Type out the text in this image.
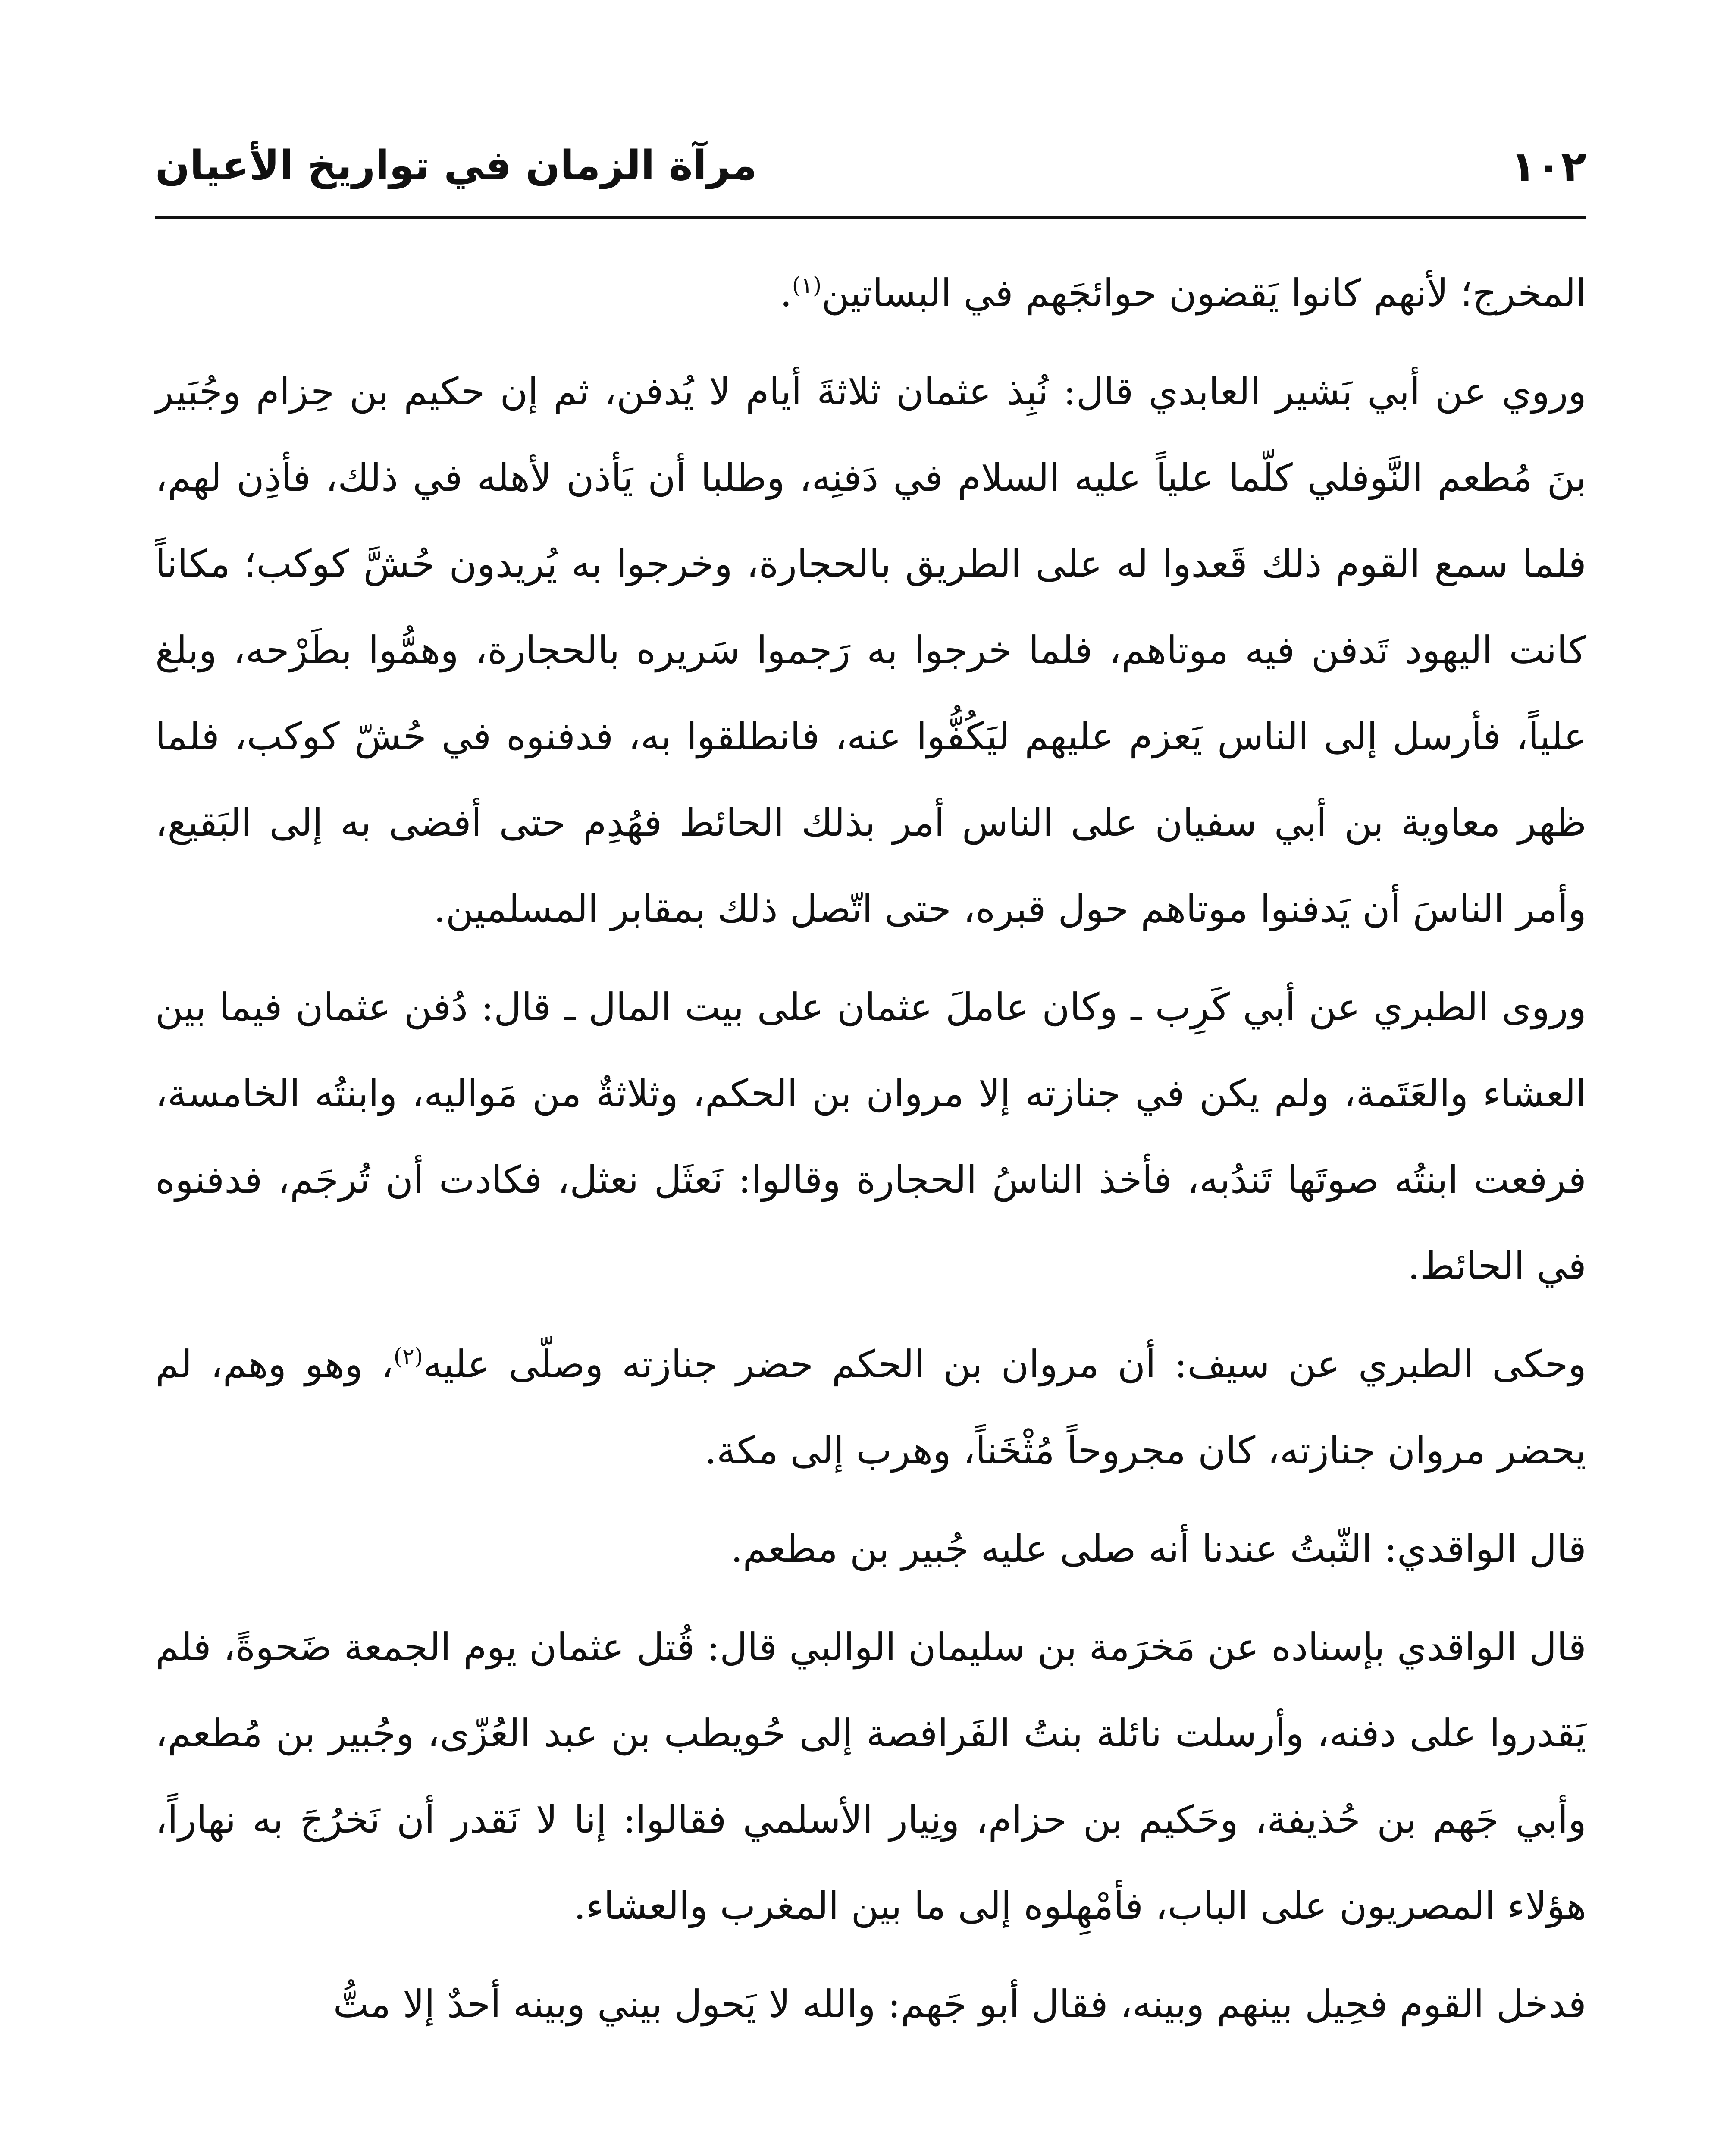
مرآة الزمان في تواريخ الأعيان	١٠٢

المخرج؛ لأنهم كانوا يَقضون حوائجَهم في البساتين$^{(١)}$.

وروي عن أبي بَشير العابدي قال: نُبِذ عثمان ثلاثةَ أيام لا يُدفن، ثم إن حكيم بن حِزام وجُبَير بنَ مُطعم النَّوفلي كلّما علياً عليه السلام في دَفنِه، وطلبا أن يَأذن لأهله في ذلك، فأذِن لهم، فلما سمع القوم ذلك قَعدوا له على الطريق بالحجارة، وخرجوا به يُريدون حُشَّ كوكب؛ مكاناً كانت اليهود تَدفن فيه موتاهم، فلما خرجوا به رَجموا سَريره بالحجارة، وهمُّوا بطَرْحه، وبلغ علياً، فأرسل إلى الناس يَعزم عليهم ليَكُفُّوا عنه، فانطلقوا به، فدفنوه في حُشّ كوكب، فلما ظهر معاوية بن أبي سفيان على الناس أمر بذلك الحائط فهُدِم حتى أفضى به إلى البَقيع، وأمر الناسَ أن يَدفنوا موتاهم حول قبره، حتى اتّصل ذلك بمقابر المسلمين.

وروى الطبري عن أبي كَرِب ـ وكان عاملَ عثمان على بيت المال ـ قال: دُفن عثمان فيما بين العشاء والعَتَمة، ولم يكن في جنازته إلا مروان بن الحكم، وثلاثةٌ من مَواليه، وابنتُه الخامسة، فرفعت ابنتُه صوتَها تَندُبه، فأخذ الناسُ الحجارة وقالوا: نَعثَل نعثل، فكادت أن تُرجَم، فدفنوه في الحائط.

وحكى الطبري عن سيف: أن مروان بن الحكم حضر جنازته وصلّى عليه$^{(٢)}$، وهو وهم، لم يحضر مروان جنازته، كان مجروحاً مُثْخَناً، وهرب إلى مكة.

قال الواقدي: الثّبتُ عندنا أنه صلى عليه جُبير بن مطعم.

قال الواقدي بإسناده عن مَخرَمة بن سليمان الوالبي قال: قُتل عثمان يوم الجمعة ضَحوةً، فلم يَقدروا على دفنه، وأرسلت نائلة بنتُ الفَرافصة إلى حُويطب بن عبد العُزّى، وجُبير بن مُطعم، وأبي جَهم بن حُذيفة، وحَكيم بن حزام، ونِيار الأسلمي فقالوا: إنا لا نَقدر أن نَخرُجَ به نهاراً، هؤلاء المصريون على الباب، فأمْهِلوه إلى ما بين المغرب والعشاء.

فدخل القوم فحِيل بينهم وبينه، فقال أبو جَهم: والله لا يَحول بيني وبينه أحدٌ إلا متُّ
